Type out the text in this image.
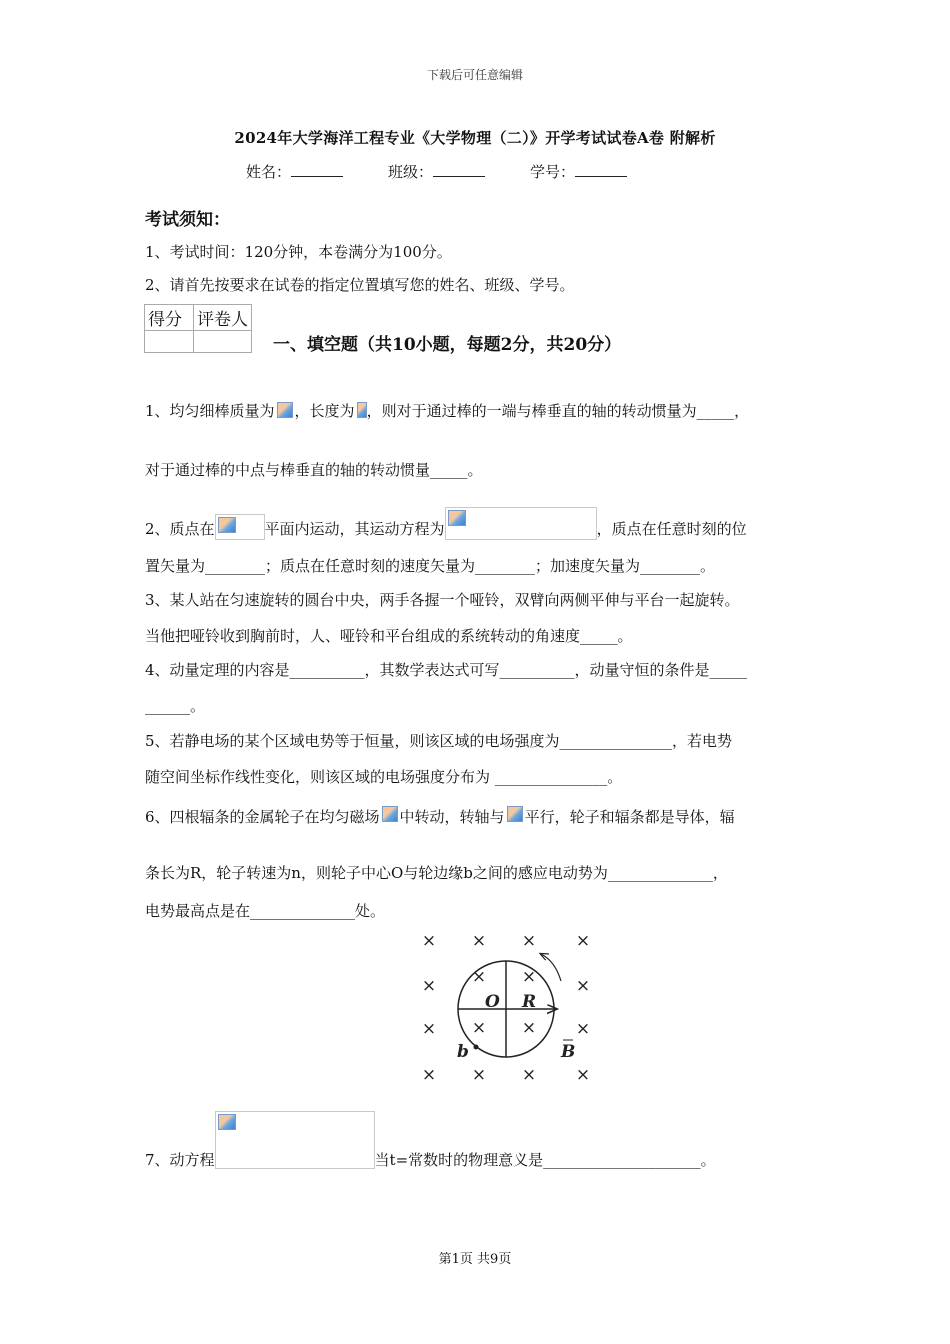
下载后可任意编辑
2024年大学海洋工程专业《大学物理（二）》开学考试试卷A卷 附解析
姓名：	班级：	学号：
考试须知：
1、考试时间：120分钟，本卷满分为100分。
2、请首先按要求在试卷的指定位置填写您的姓名、班级、学号。
得分	评卷人

一、填空题（共10小题，每题2分，共20分）
1、均匀细棒质量为 ，长度为 ，则对于通过棒的一端与棒垂直的轴的转动惯量为_____，
对于通过棒的中点与棒垂直的轴的转动惯量_____。
2、质点在	平面内运动，其运动方程为	，质点在任意时刻的位
置矢量为________；质点在任意时刻的速度矢量为________；加速度矢量为________。
3、某人站在匀速旋转的圆台中央，两手各握一个哑铃，双臂向两侧平伸与平台一起旋转。
当他把哑铃收到胸前时，人、哑铃和平台组成的系统转动的角速度_____。
4、动量定理的内容是__________，其数学表达式可写__________，动量守恒的条件是_____
______。
5、若静电场的某个区域电势等于恒量，则该区域的电场强度为_______________，若电势
随空间坐标作线性变化，则该区域的电场强度分布为 _______________。
6、四根辐条的金属轮子在均匀磁场 中转动，转轴与 平行，轮子和辐条都是导体，辐
条长为R，轮子转速为n，则轮子中心O与轮边缘b之间的感应电动势为______________，
电势最高点是在______________处。
× × × ×
× × × ×
× × × ×
× × × ×
O R
b	B
7、动方程	当t=常数时的物理意义是_____________________。
第1页 共9页
